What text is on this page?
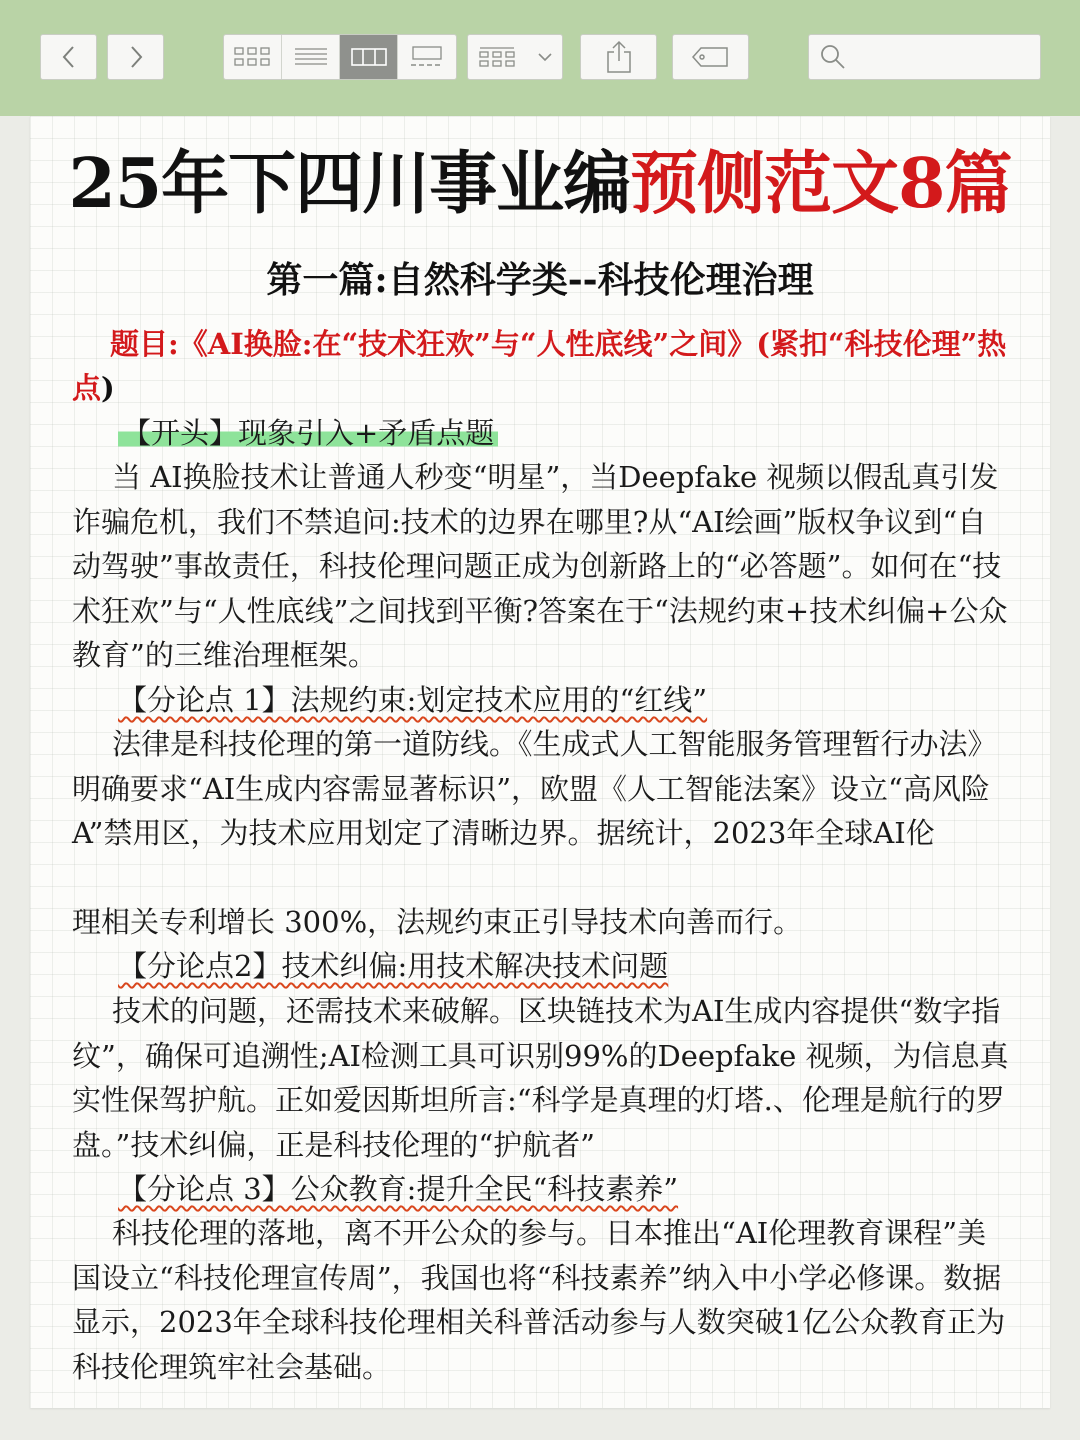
25年下四川事业编预侧范文8篇
第一篇:自然科学类--科技伦理治理
题目:《AI换脸:在“技术狂欢”与“人性底线”之间》(紧扣“科技伦理”热点)
【开头】现象引入+矛盾点题

当 AI换脸技术让普通人秒变“明星”，当Deepfake 视频以假乱真引发诈骗危机，我们不禁追问:技术的边界在哪里?从“AI绘画”版权争议到“自动驾驶”事故责任，科技伦理问题正成为创新路上的“必答题”。如何在“技术狂欢”与“人性底线”之间找到平衡?答案在于“法规约束+技术纠偏+公众教育”的三维治理框架。

【分论点 1】法规约束:划定技术应用的“红线”

法律是科技伦理的第一道防线。《生成式人工智能服务管理暂行办法》明确要求“AI生成内容需显著标识”，欧盟《人工智能法案》设立“高风险 A”禁用区，为技术应用划定了清晰边界。据统计，2023年全球AI伦

理相关专利增长 300%，法规约束正引导技术向善而行。

【分论点2】技术纠偏:用技术解决技术问题

技术的问题，还需技术来破解。区块链技术为AI生成内容提供“数字指纹”，确保可追溯性;AI检测工具可识别99%的Deepfake 视频，为信息真实性保驾护航。正如爱因斯坦所言:“科学是真理的灯塔.、伦理是航行的罗盘。”技术纠偏，正是科技伦理的“护航者”

【分论点 3】公众教育:提升全民“科技素养”

科技伦理的落地，离不开公众的参与。日本推出“AI伦理教育课程”美国设立“科技伦理宣传周”，我国也将“科技素养”纳入中小学必修课。数据显示，2023年全球科技伦理相关科普活动参与人数突破1亿公众教育正为科技伦理筑牢社会基础。
